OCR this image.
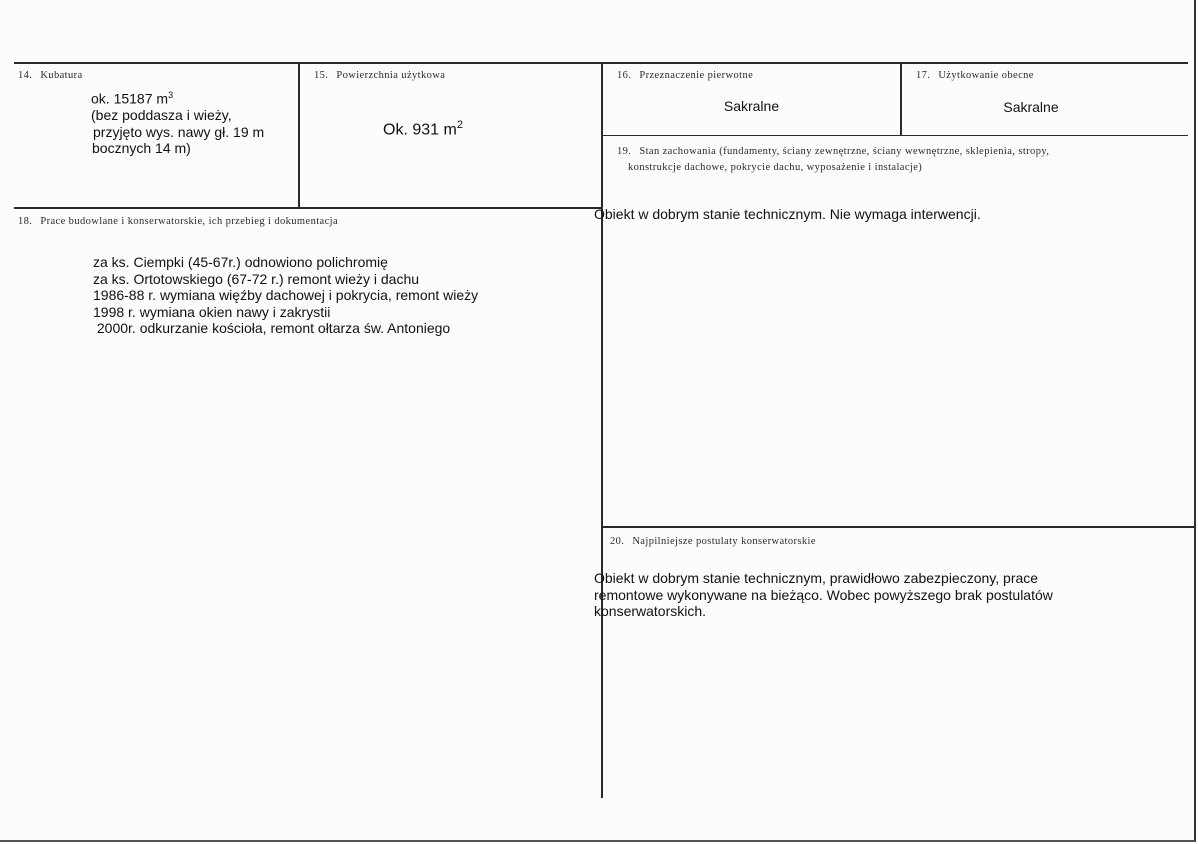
14. Kubatura
ok. 15187 $m^3$
(bez poddasza i wieży,
przyjęto wys. nawy gł. 19 m
bocznych 14 m)
15. Powierzchnia użytkowa
Ok. 931 $m^2$
16. Przeznaczenie pierwotne
Sakralne
17. Użytkowanie obecne
Sakralne
19. Stan zachowania (fundamenty, ściany zewnętrzne, ściany wewnętrzne, sklepienia, stropy,
konstrukcje dachowe, pokrycie dachu, wyposażenie i instalacje)
Obiekt w dobrym stanie technicznym. Nie wymaga interwencji.
18. Prace budowlane i konserwatorskie, ich przebieg i dokumentacja
za ks. Ciempki (45-67r.) odnowiono polichromię
za ks. Ortotowskiego (67-72 r.) remont wieży i dachu
1986-88 r. wymiana więźby dachowej i pokrycia, remont wieży
1998 r. wymiana okien nawy i zakrystii
2000r. odkurzanie kościoła, remont ołtarza św. Antoniego
20. Najpilniejsze postulaty konserwatorskie
Obiekt w dobrym stanie technicznym, prawidłowo zabezpieczony, prace
remontowe wykonywane na bieżąco. Wobec powyższego brak postulatów
konserwatorskich.
